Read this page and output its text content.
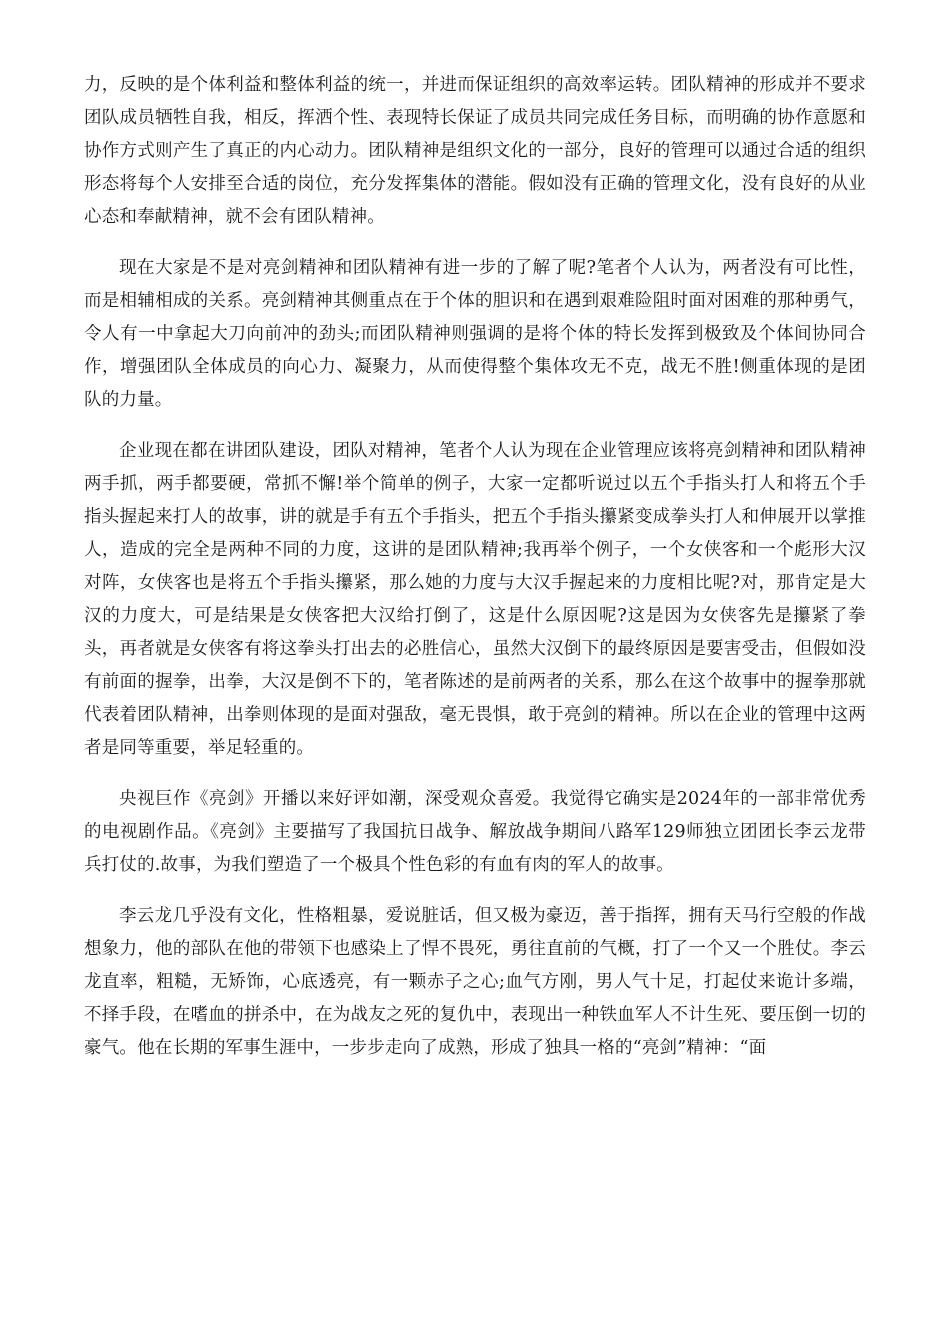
力，反映的是个体利益和整体利益的统一，并进而保证组织的高效率运转。团队精神的形成并不要求团队成员牺牲自我，相反，挥洒个性、表现特长保证了成员共同完成任务目标，而明确的协作意愿和协作方式则产生了真正的内心动力。团队精神是组织文化的一部分，良好的管理可以通过合适的组织形态将每个人安排至合适的岗位，充分发挥集体的潜能。假如没有正确的管理文化，没有良好的从业心态和奉献精神，就不会有团队精神。

现在大家是不是对亮剑精神和团队精神有进一步的了解了呢?笔者个人认为，两者没有可比性，而是相辅相成的关系。亮剑精神其侧重点在于个体的胆识和在遇到艰难险阻时面对困难的那种勇气，令人有一中拿起大刀向前冲的劲头;而团队精神则强调的是将个体的特长发挥到极致及个体间协同合作，增强团队全体成员的向心力、凝聚力，从而使得整个集体攻无不克，战无不胜!侧重体现的是团队的力量。

企业现在都在讲团队建设，团队对精神，笔者个人认为现在企业管理应该将亮剑精神和团队精神两手抓，两手都要硬，常抓不懈!举个简单的例子，大家一定都听说过以五个手指头打人和将五个手指头握起来打人的故事，讲的就是手有五个手指头，把五个手指头攥紧变成拳头打人和伸展开以掌推人，造成的完全是两种不同的力度，这讲的是团队精神;我再举个例子，一个女侠客和一个彪形大汉对阵，女侠客也是将五个手指头攥紧，那么她的力度与大汉手握起来的力度相比呢?对，那肯定是大汉的力度大，可是结果是女侠客把大汉给打倒了，这是什么原因呢?这是因为女侠客先是攥紧了拳头，再者就是女侠客有将这拳头打出去的必胜信心，虽然大汉倒下的最终原因是要害受击，但假如没有前面的握拳，出拳，大汉是倒不下的，笔者陈述的是前两者的关系，那么在这个故事中的握拳那就代表着团队精神，出拳则体现的是面对强敌，毫无畏惧，敢于亮剑的精神。所以在企业的管理中这两者是同等重要，举足轻重的。

央视巨作《亮剑》开播以来好评如潮，深受观众喜爱。我觉得它确实是2024年的一部非常优秀的电视剧作品。《亮剑》主要描写了我国抗日战争、解放战争期间八路军129师独立团团长李云龙带兵打仗的.故事，为我们塑造了一个极具个性色彩的有血有肉的军人的故事。

李云龙几乎没有文化，性格粗暴，爱说脏话，但又极为豪迈，善于指挥，拥有天马行空般的作战想象力，他的部队在他的带领下也感染上了悍不畏死，勇往直前的气概，打了一个又一个胜仗。李云龙直率，粗糙，无矫饰，心底透亮，有一颗赤子之心;血气方刚，男人气十足，打起仗来诡计多端，不择手段，在嗜血的拼杀中，在为战友之死的复仇中，表现出一种铁血军人不计生死、要压倒一切的豪气。他在长期的军事生涯中，一步步走向了成熟，形成了独具一格的“亮剑”精神：“面
